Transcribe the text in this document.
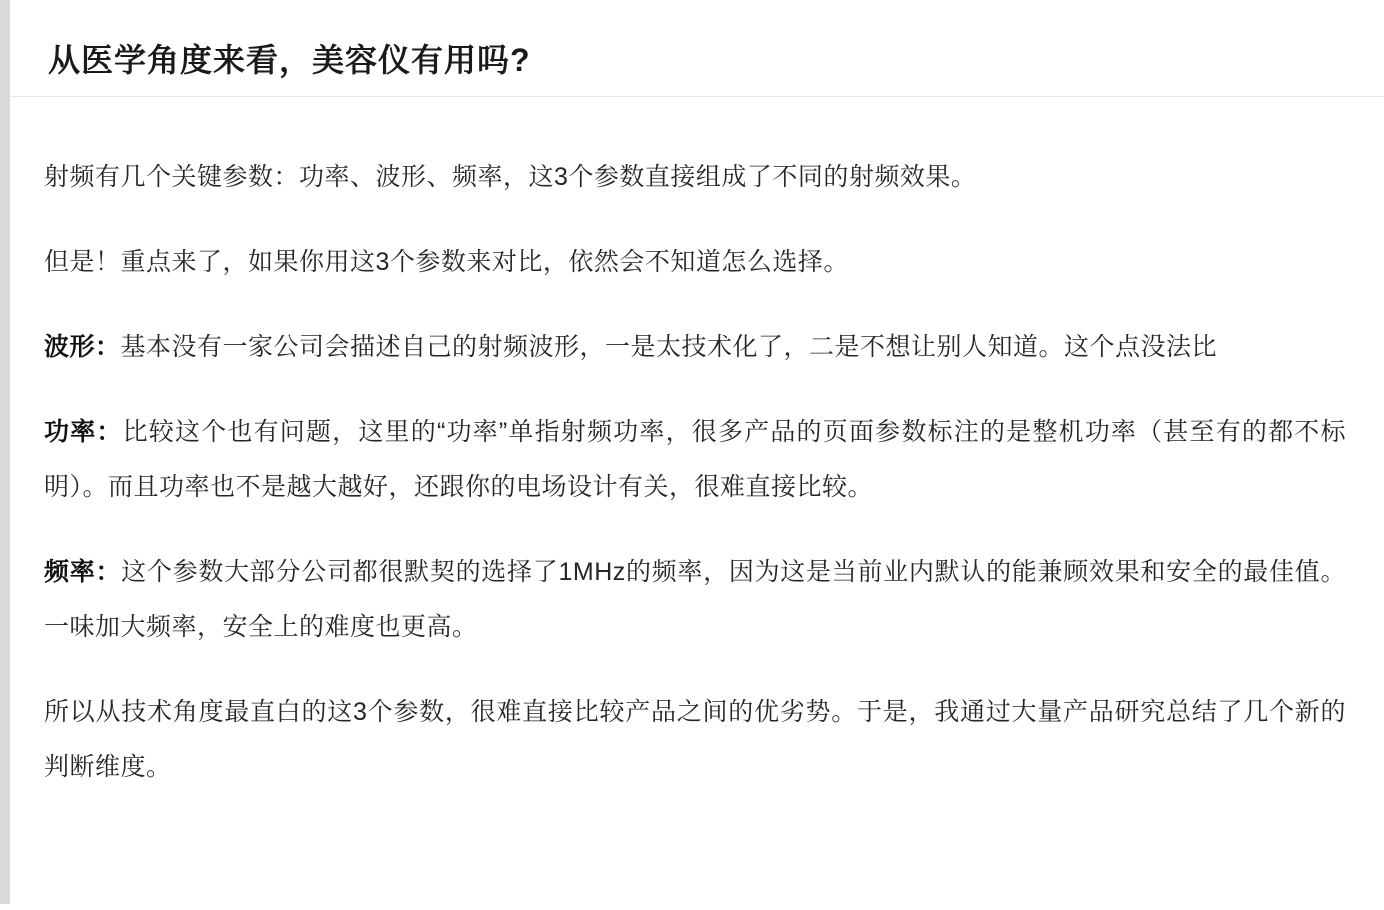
从医学角度来看，美容仪有用吗?

射频有几个关键参数：功率、波形、频率，这3个参数直接组成了不同的射频效果。

但是！重点来了，如果你用这3个参数来对比，依然会不知道怎么选择。

波形：基本没有一家公司会描述自己的射频波形，一是太技术化了，二是不想让别人知道。这个点没法比

功率：比较这个也有问题，这里的“功率”单指射频功率，很多产品的页面参数标注的是整机功率（甚至有的都不标明）。而且功率也不是越大越好，还跟你的电场设计有关，很难直接比较。

频率：这个参数大部分公司都很默契的选择了1MHz的频率，因为这是当前业内默认的能兼顾效果和安全的最佳值。一味加大频率，安全上的难度也更高。

所以从技术角度最直白的这3个参数，很难直接比较产品之间的优劣势。于是，我通过大量产品研究总结了几个新的判断维度。
